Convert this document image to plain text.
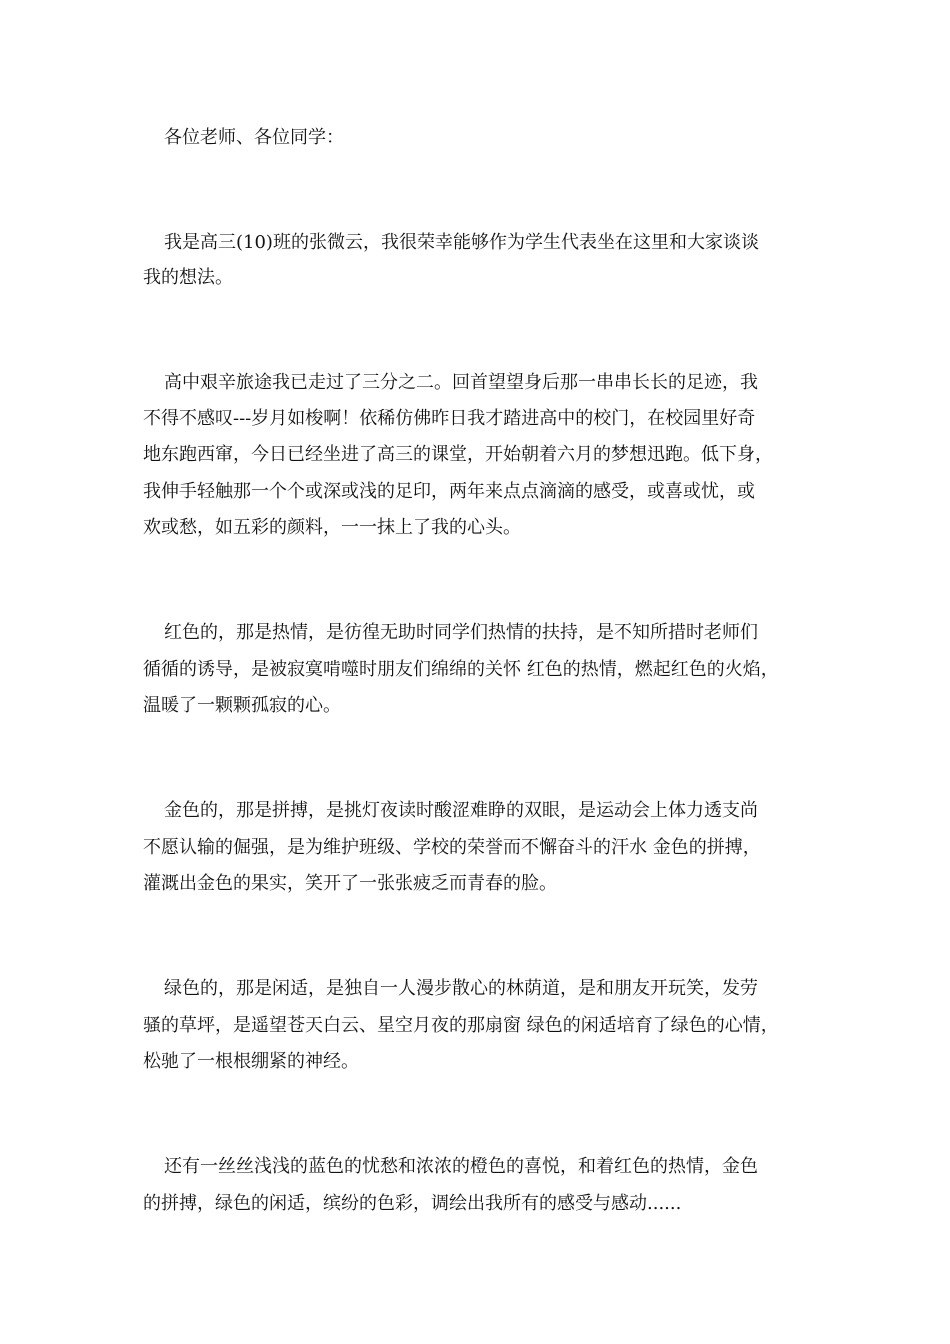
各位老师、各位同学：

我是高三(10)班的张微云，我很荣幸能够作为学生代表坐在这里和大家谈谈

我的想法。

高中艰辛旅途我已走过了三分之二。回首望望身后那一串串长长的足迹，我

不得不感叹---岁月如梭啊！依稀仿佛昨日我才踏进高中的校门，在校园里好奇

地东跑西窜，今日已经坐进了高三的课堂，开始朝着六月的梦想迅跑。低下身，

我伸手轻触那一个个或深或浅的足印，两年来点点滴滴的感受，或喜或忧，或

欢或愁，如五彩的颜料，一一抹上了我的心头。

红色的，那是热情，是彷徨无助时同学们热情的扶持，是不知所措时老师们

循循的诱导，是被寂寞啃噬时朋友们绵绵的关怀 红色的热情，燃起红色的火焰，

温暖了一颗颗孤寂的心。

金色的，那是拼搏，是挑灯夜读时酸涩难睁的双眼，是运动会上体力透支尚

不愿认输的倔强，是为维护班级、学校的荣誉而不懈奋斗的汗水 金色的拼搏，

灌溉出金色的果实，笑开了一张张疲乏而青春的脸。

绿色的，那是闲适，是独自一人漫步散心的林荫道，是和朋友开玩笑，发劳

骚的草坪，是遥望苍天白云、星空月夜的那扇窗 绿色的闲适培育了绿色的心情，

松驰了一根根绷紧的神经。

还有一丝丝浅浅的蓝色的忧愁和浓浓的橙色的喜悦，和着红色的热情，金色

的拼搏，绿色的闲适，缤纷的色彩，调绘出我所有的感受与感动......
